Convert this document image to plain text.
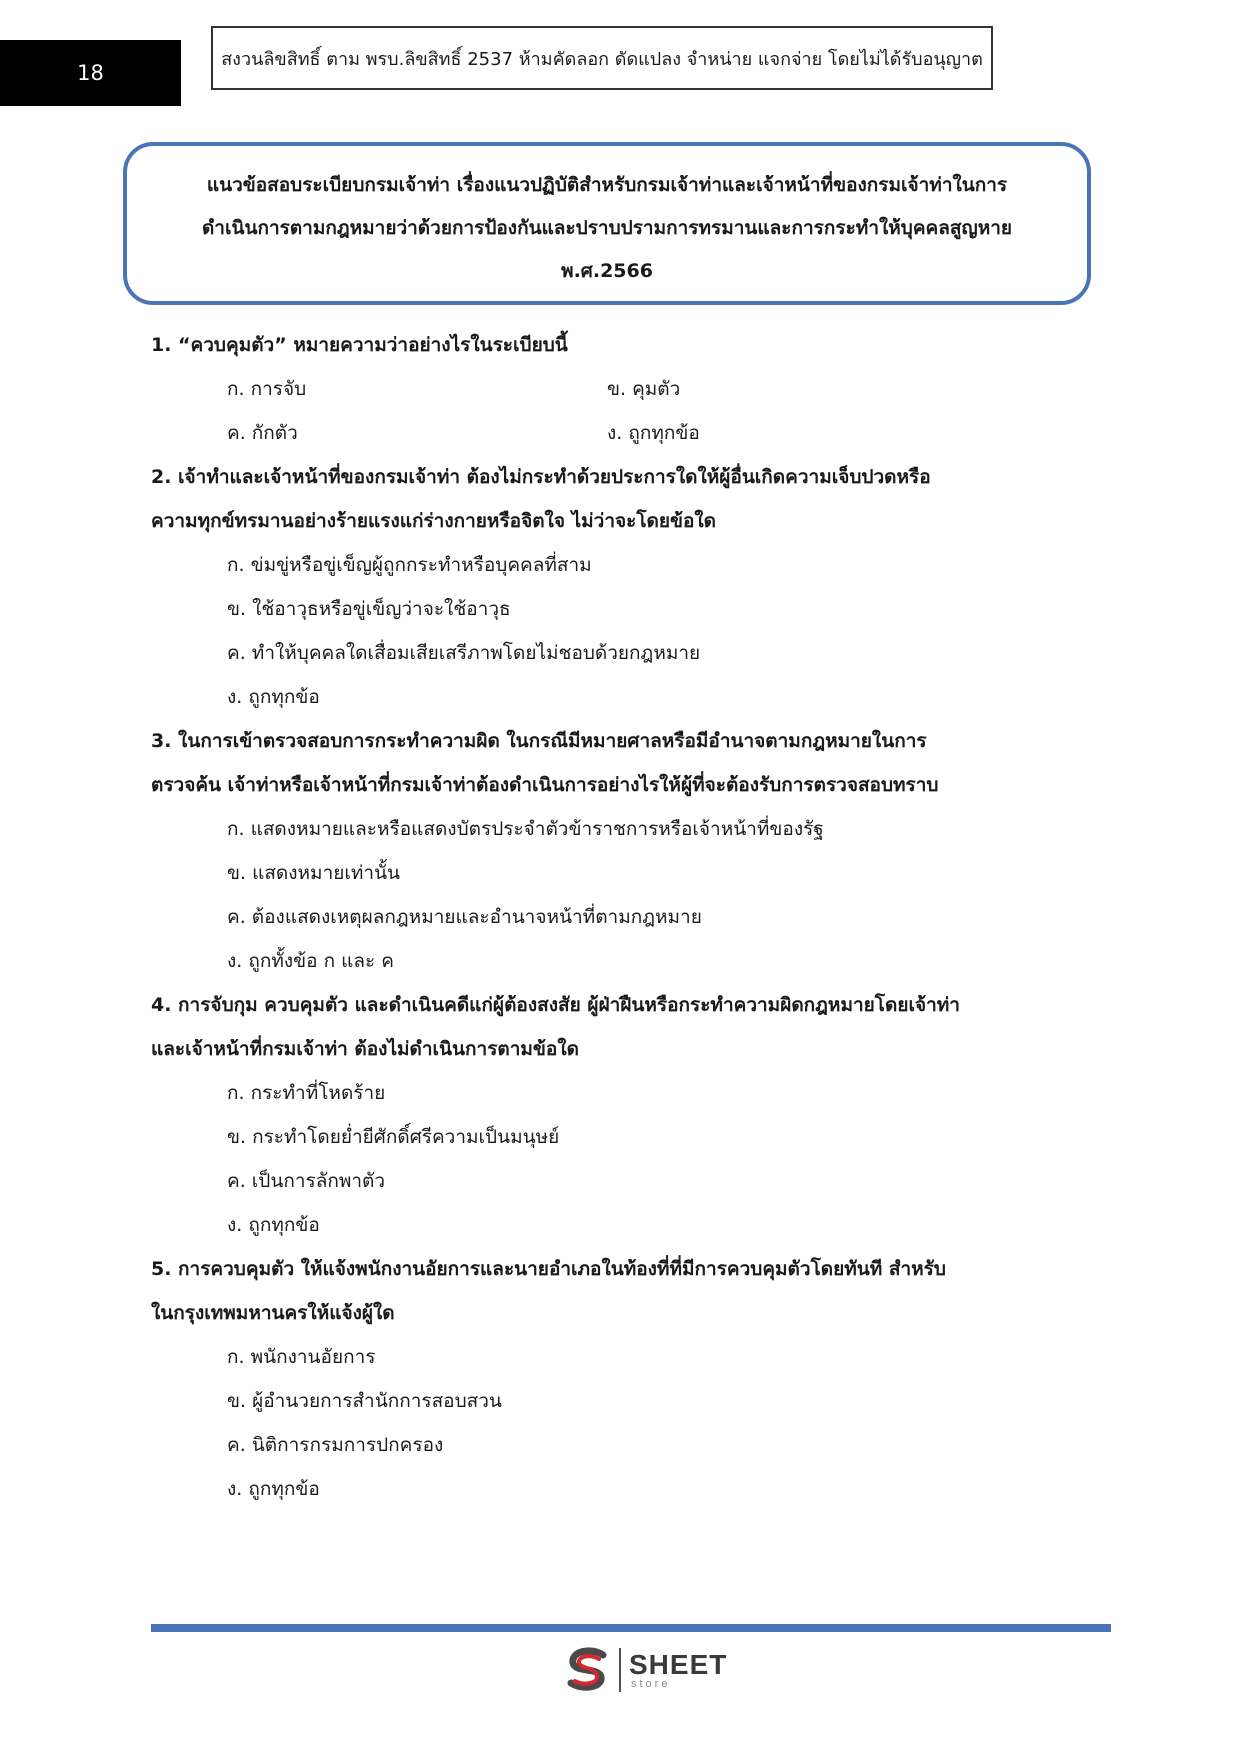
18
สงวนลิขสิทธิ์ ตาม พรบ.ลิขสิทธิ์ 2537 ห้ามคัดลอก ดัดแปลง จำหน่าย แจกจ่าย โดยไม่ได้รับอนุญาต
แนวข้อสอบระเบียบกรมเจ้าท่า เรื่องแนวปฏิบัติสำหรับกรมเจ้าท่าและเจ้าหน้าที่ของกรมเจ้าท่าในการ
ดำเนินการตามกฎหมายว่าด้วยการป้องกันและปราบปรามการทรมานและการกระทำให้บุคคลสูญหาย
พ.ศ.2566
1. “ควบคุมตัว” หมายความว่าอย่างไรในระเบียบนี้
ก. การจับ	ข. คุมตัว
ค. กักตัว	ง. ถูกทุกข้อ
2. เจ้าทำและเจ้าหน้าที่ของกรมเจ้าท่า ต้องไม่กระทำด้วยประการใดให้ผู้อื่นเกิดความเจ็บปวดหรือ
ความทุกข์ทรมานอย่างร้ายแรงแก่ร่างกายหรือจิตใจ ไม่ว่าจะโดยข้อใด
ก. ข่มขู่หรือขู่เข็ญผู้ถูกกระทำหรือบุคคลที่สาม
ข. ใช้อาวุธหรือขู่เข็ญว่าจะใช้อาวุธ
ค. ทำให้บุคคลใดเสื่อมเสียเสรีภาพโดยไม่ชอบด้วยกฎหมาย
ง. ถูกทุกข้อ
3. ในการเข้าตรวจสอบการกระทำความผิด ในกรณีมีหมายศาลหรือมีอำนาจตามกฎหมายในการ
ตรวจค้น เจ้าท่าหรือเจ้าหน้าที่กรมเจ้าท่าต้องดำเนินการอย่างไรให้ผู้ที่จะต้องรับการตรวจสอบทราบ
ก. แสดงหมายและหรือแสดงบัตรประจำตัวข้าราชการหรือเจ้าหน้าที่ของรัฐ
ข. แสดงหมายเท่านั้น
ค. ต้องแสดงเหตุผลกฎหมายและอำนาจหน้าที่ตามกฎหมาย
ง. ถูกทั้งข้อ ก และ ค
4. การจับกุม ควบคุมตัว และดำเนินคดีแก่ผู้ต้องสงสัย ผู้ฝ่าฝืนหรือกระทำความผิดกฎหมายโดยเจ้าท่า
และเจ้าหน้าที่กรมเจ้าท่า ต้องไม่ดำเนินการตามข้อใด
ก. กระทำที่โหดร้าย
ข. กระทำโดยย่ำยีศักดิ์ศรีความเป็นมนุษย์
ค. เป็นการลักพาตัว
ง. ถูกทุกข้อ
5. การควบคุมตัว ให้แจ้งพนักงานอัยการและนายอำเภอในท้องที่ที่มีการควบคุมตัวโดยทันที สำหรับ
ในกรุงเทพมหานครให้แจ้งผู้ใด
ก. พนักงานอัยการ
ข. ผู้อำนวยการสำนักการสอบสวน
ค. นิติการกรมการปกครอง
ง. ถูกทุกข้อ
SHEET
store
